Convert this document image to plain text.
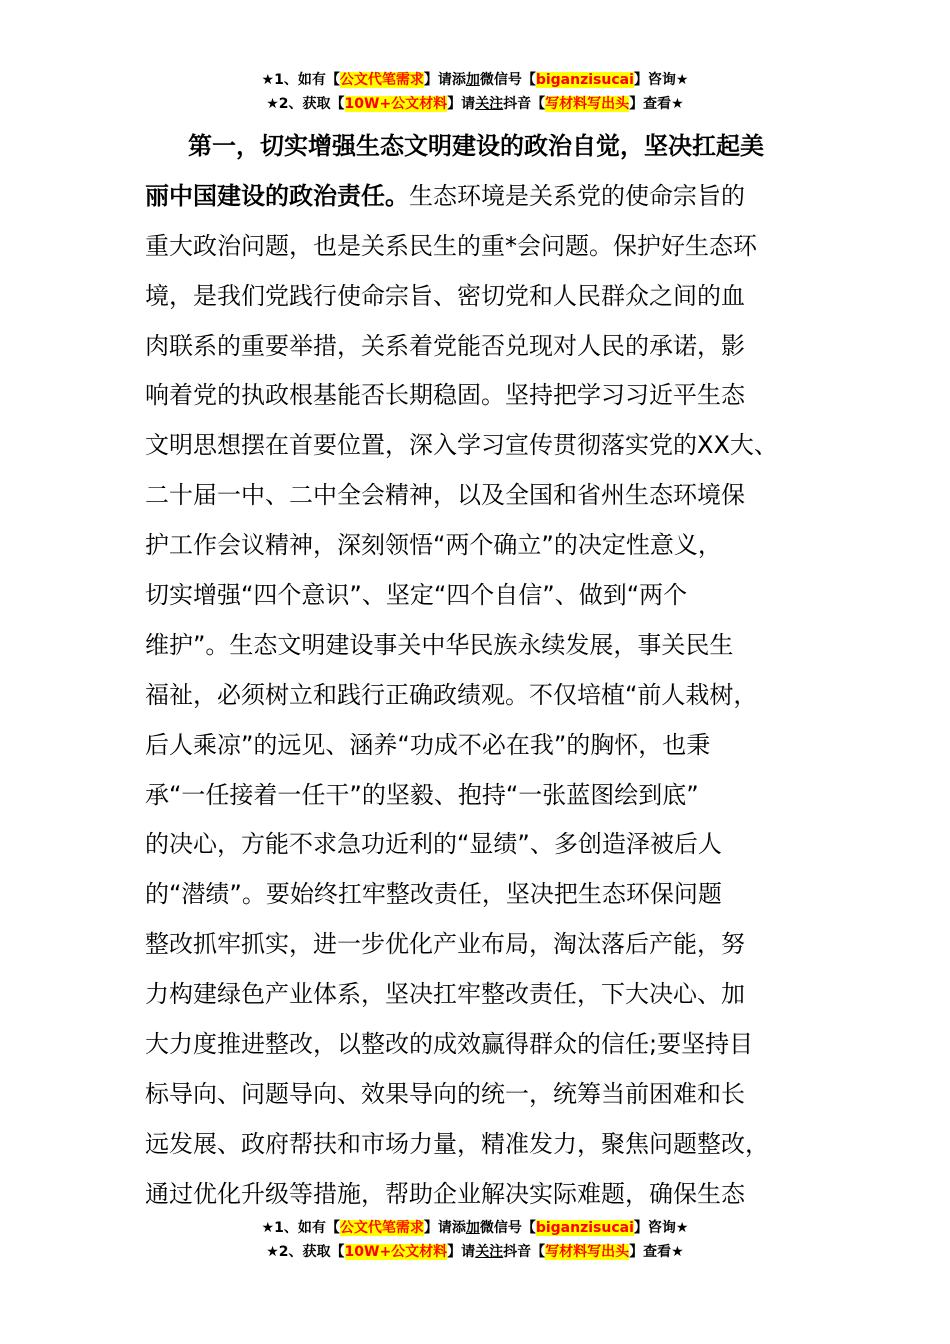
★1、如有【公文代笔需求】请添加微信号【biganzisucai】咨询★
★2、获取【10W+公文材料】请关注抖音【写材料写出头】查看★
第一，切实增强生态文明建设的政治自觉，坚决扛起美
丽中国建设的政治责任。生态环境是关系党的使命宗旨的
重大政治问题，也是关系民生的重*会问题。保护好生态环
境，是我们党践行使命宗旨、密切党和人民群众之间的血
肉联系的重要举措，关系着党能否兑现对人民的承诺，影
响着党的执政根基能否长期稳固。坚持把学习习近平生态
文明思想摆在首要位置，深入学习宣传贯彻落实党的XX大、
二十届一中、二中全会精神，以及全国和省州生态环境保
护工作会议精神，深刻领悟“两个确立”的决定性意义，
切实增强“四个意识”、坚定“四个自信”、做到“两个
维护”。生态文明建设事关中华民族永续发展，事关民生
福祉，必须树立和践行正确政绩观。不仅培植“前人栽树，
后人乘凉”的远见、涵养“功成不必在我”的胸怀，也秉
承“一任接着一任干”的坚毅、抱持“一张蓝图绘到底”
的决心，方能不求急功近利的“显绩”、多创造泽被后人
的“潜绩”。要始终扛牢整改责任，坚决把生态环保问题
整改抓牢抓实，进一步优化产业布局，淘汰落后产能，努
力构建绿色产业体系，坚决扛牢整改责任，下大决心、加
大力度推进整改，以整改的成效赢得群众的信任;要坚持目
标导向、问题导向、效果导向的统一，统筹当前困难和长
远发展、政府帮扶和市场力量，精准发力，聚焦问题整改，
通过优化升级等措施，帮助企业解决实际难题，确保生态
★1、如有【公文代笔需求】请添加微信号【biganzisucai】咨询★
★2、获取【10W+公文材料】请关注抖音【写材料写出头】查看★
